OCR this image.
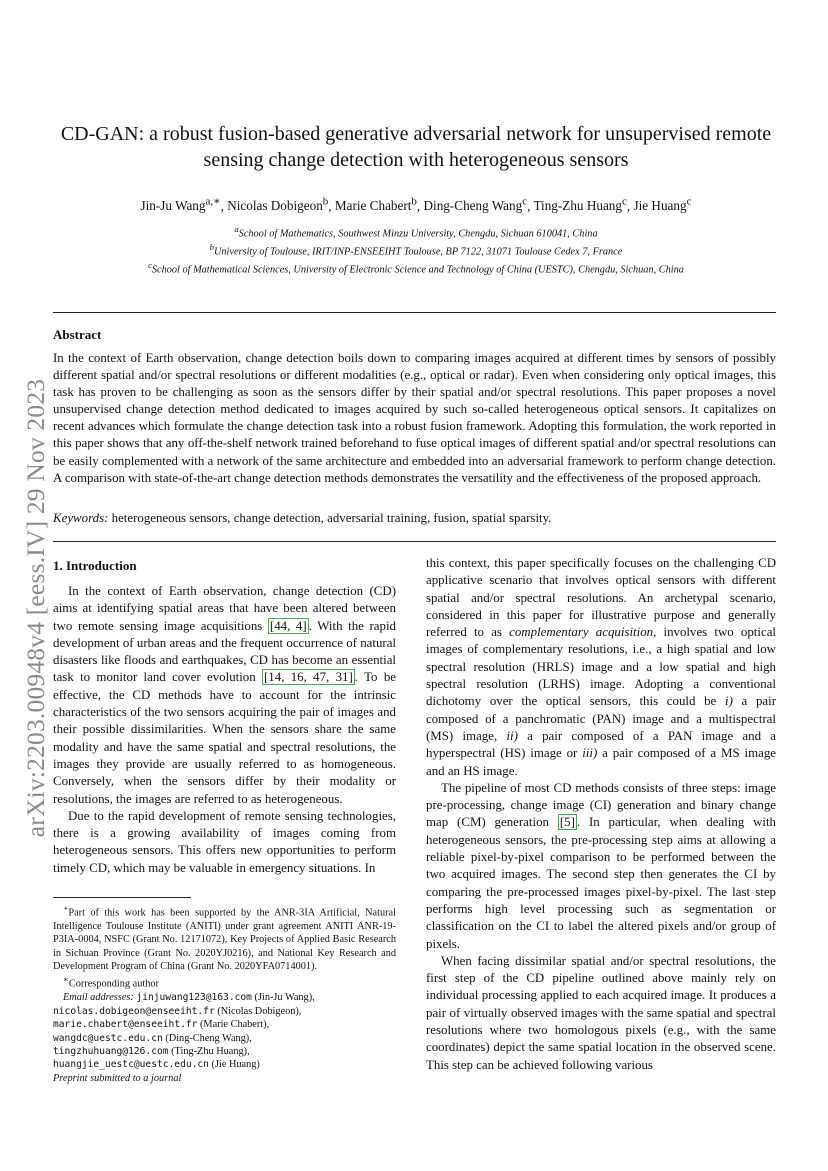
arXiv:2203.00948v4 [eess.IV] 29 Nov 2023
CD-GAN: a robust fusion-based generative adversarial network for unsupervised remote
sensing change detection with heterogeneous sensors
Jin-Ju Wang$^{a,∗}$, Nicolas Dobigeon$^b$, Marie Chabert$^b$, Ding-Cheng Wang$^c$, Ting-Zhu Huang$^c$, Jie Huang$^c$
$^a$School of Mathematics, Southwest Minzu University, Chengdu, Sichuan 610041, China
$^b$University of Toulouse, IRIT/INP-ENSEEIHT Toulouse, BP 7122, 31071 Toulouse Cedex 7, France
$^c$School of Mathematical Sciences, University of Electronic Science and Technology of China (UESTC), Chengdu, Sichuan, China
Abstract
In the context of Earth observation, change detection boils down to comparing images acquired at different times by sensors of possibly different spatial and/or spectral resolutions or different modalities (e.g., optical or radar). Even when considering only optical images, this task has proven to be challenging as soon as the sensors differ by their spatial and/or spectral resolutions. This paper proposes a novel unsupervised change detection method dedicated to images acquired by such so-called heterogeneous optical sensors. It capitalizes on recent advances which formulate the change detection task into a robust fusion framework. Adopting this formulation, the work reported in this paper shows that any off-the-shelf network trained beforehand to fuse optical images of different spatial and/or spectral resolutions can be easily complemented with a network of the same architecture and embedded into an adversarial framework to perform change detection. A comparison with state-of-the-art change detection methods demonstrates the versatility and the effectiveness of the proposed approach.
Keywords: heterogeneous sensors, change detection, adversarial training, fusion, spatial sparsity.
1. Introduction

In the context of Earth observation, change detection (CD) aims at identifying spatial areas that have been altered between two remote sensing image acquisitions [44, 4] . With the rapid development of urban areas and the frequent occurrence of natural disasters like floods and earthquakes, CD has become an essential task to monitor land cover evolution [14, 16, 47, 31] . To be effective, the CD methods have to account for the intrinsic characteristics of the two sensors acquiring the pair of images and their possible dissimilarities. When the sensors share the same modality and have the same spatial and spectral resolutions, the images they provide are usually referred to as homogeneous. Conversely, when the sensors differ by their modality or resolutions, the images are referred to as heterogeneous.

Due to the rapid development of remote sensing technologies, there is a growing availability of images coming from heterogeneous sensors. This offers new opportunities to perform timely CD, which may be valuable in emergency situations. In

this context, this paper specifically focuses on the challenging CD applicative scenario that involves optical sensors with different spatial and/or spectral resolutions. An archetypal scenario, considered in this paper for illustrative purpose and generally referred to as complementary acquisition, involves two optical images of complementary resolutions, i.e., a high spatial and low spectral resolution (HRLS) image and a low spatial and high spectral resolution (LRHS) image. Adopting a conventional dichotomy over the optical sensors, this could be i) a pair composed of a panchromatic (PAN) image and a multispectral (MS) image, ii) a pair composed of a PAN image and a hyperspectral (HS) image or iii) a pair composed of a MS image and an HS image.

The pipeline of most CD methods consists of three steps: image pre-processing, change image (CI) generation and binary change map (CM) generation [5] . In particular, when dealing with heterogeneous sensors, the pre-processing step aims at allowing a reliable pixel-by-pixel comparison to be performed between the two acquired images. The second step then generates the CI by comparing the pre-processed images pixel-by-pixel. The last step performs high level processing such as segmentation or classification on the CI to label the altered pixels and/or group of pixels.

When facing dissimilar spatial and/or spectral resolutions, the first step of the CD pipeline outlined above mainly rely on individual processing applied to each acquired image. It produces a pair of virtually observed images with the same spatial and spectral resolutions where two homologous pixels (e.g., with the same coordinates) depict the same spatial location in the observed scene. This step can be achieved following various

⋆Part of this work has been supported by the ANR-3IA Artificial, Natural Intelligence Toulouse Institute (ANITI) under grant agreement ANITI ANR-19-P3IA-0004, NSFC (Grant No. 12171072), Key Projects of Applied Basic Research in Sichuan Province (Grant No. 2020YJ0216), and National Key Research and Development Program of China (Grant No. 2020YFA0714001).

∗Corresponding author

Email addresses: jinjuwang123@163.com (Jin-Ju Wang),

nicolas.dobigeon@enseeiht.fr (Nicolas Dobigeon),

marie.chabert@enseeiht.fr (Marie Chabert),

wangdc@uestc.edu.cn (Ding-Cheng Wang),

tingzhuhuang@126.com (Ting-Zhu Huang),

huangjie_uestc@uestc.edu.cn (Jie Huang)

Preprint submitted to a journal
